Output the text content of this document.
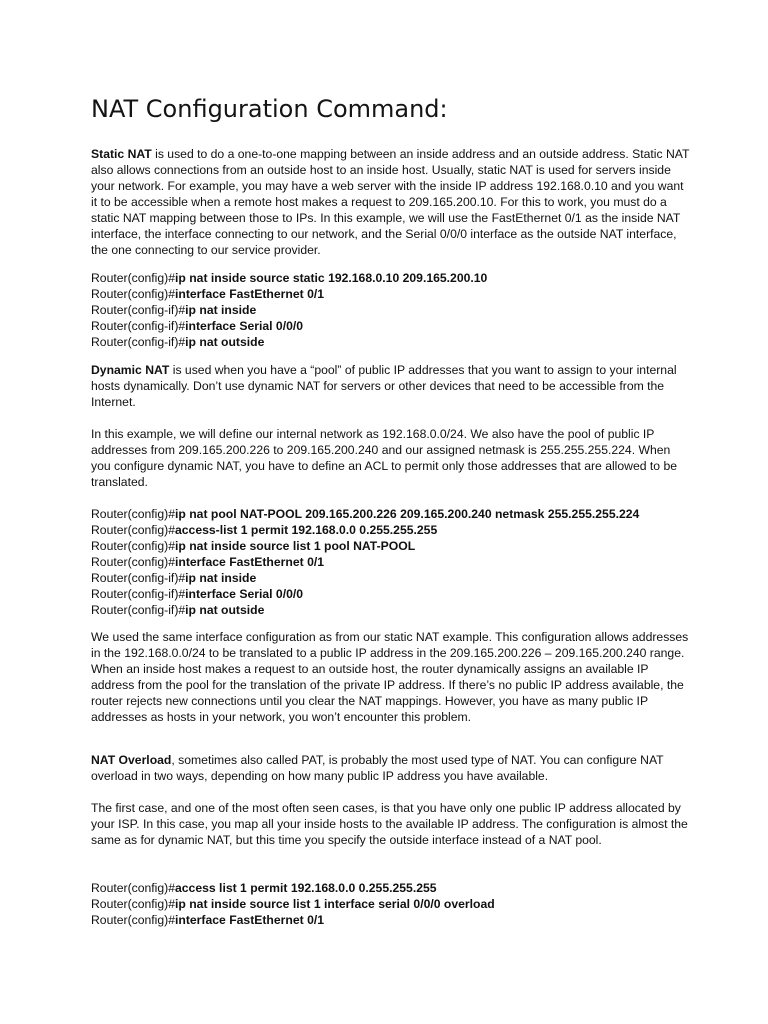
NAT Configuration Command:

Static NAT is used to do a one-to-one mapping between an inside address and an outside address. Static NAT also allows connections from an outside host to an inside host. Usually, static NAT is used for servers inside your network. For example, you may have a web server with the inside IP address 192.168.0.10 and you want it to be accessible when a remote host makes a request to 209.165.200.10. For this to work, you must do a static NAT mapping between those to IPs. In this example, we will use the FastEthernet 0/1 as the inside NAT interface, the interface connecting to our network, and the Serial 0/0/0 interface as the outside NAT interface, the one connecting to our service provider.

Router(config)#ip nat inside source static 192.168.0.10 209.165.200.10
Router(config)#interface FastEthernet 0/1
Router(config-if)#ip nat inside
Router(config-if)#interface Serial 0/0/0
Router(config-if)#ip nat outside

Dynamic NAT is used when you have a “pool” of public IP addresses that you want to assign to your internal hosts dynamically. Don’t use dynamic NAT for servers or other devices that need to be accessible from the Internet.

In this example, we will define our internal network as 192.168.0.0/24. We also have the pool of public IP addresses from 209.165.200.226 to 209.165.200.240 and our assigned netmask is 255.255.255.224. When you configure dynamic NAT, you have to define an ACL to permit only those addresses that are allowed to be translated.

Router(config)#ip nat pool NAT-POOL 209.165.200.226 209.165.200.240 netmask 255.255.255.224
Router(config)#access-list 1 permit 192.168.0.0 0.255.255.255
Router(config)#ip nat inside source list 1 pool NAT-POOL
Router(config)#interface FastEthernet 0/1
Router(config-if)#ip nat inside
Router(config-if)#interface Serial 0/0/0
Router(config-if)#ip nat outside

We used the same interface configuration as from our static NAT example. This configuration allows addresses in the 192.168.0.0/24 to be translated to a public IP address in the 209.165.200.226 – 209.165.200.240 range. When an inside host makes a request to an outside host, the router dynamically assigns an available IP address from the pool for the translation of the private IP address. If there’s no public IP address available, the router rejects new connections until you clear the NAT mappings. However, you have as many public IP addresses as hosts in your network, you won’t encounter this problem.

NAT Overload, sometimes also called PAT, is probably the most used type of NAT. You can configure NAT overload in two ways, depending on how many public IP address you have available.

The first case, and one of the most often seen cases, is that you have only one public IP address allocated by your ISP. In this case, you map all your inside hosts to the available IP address. The configuration is almost the same as for dynamic NAT, but this time you specify the outside interface instead of a NAT pool.

Router(config)#access list 1 permit 192.168.0.0 0.255.255.255
Router(config)#ip nat inside source list 1 interface serial 0/0/0 overload
Router(config)#interface FastEthernet 0/1
